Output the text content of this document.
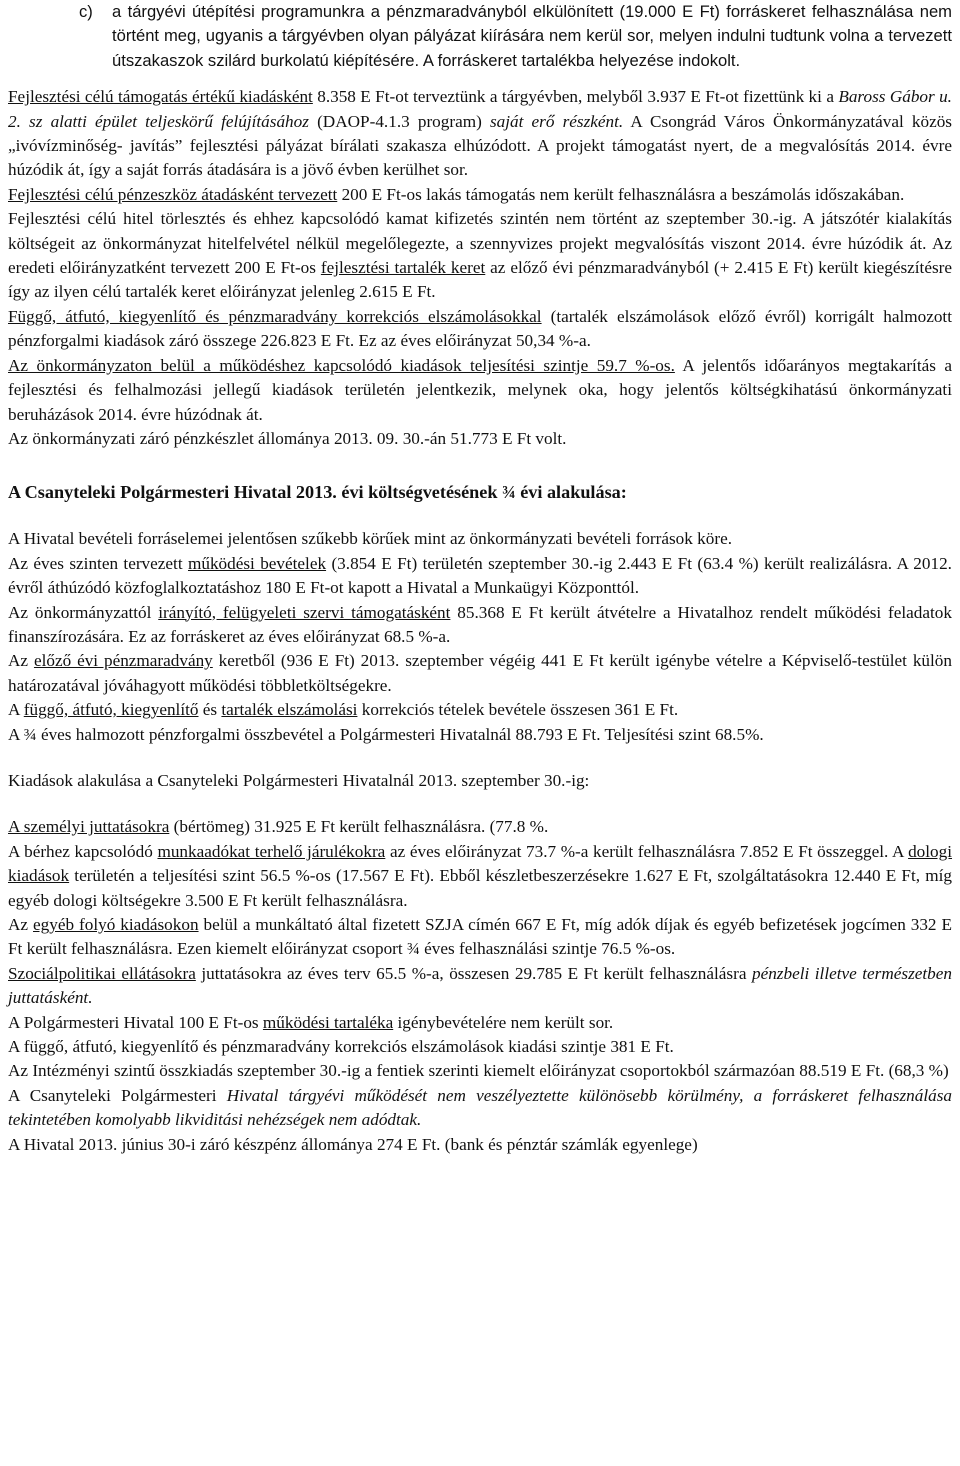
c) a tárgyévi útépítési programunkra a pénzmaradványból elkülönített (19.000 E Ft) forráskeret felhasználása nem történt meg, ugyanis a tárgyévben olyan pályázat kiírására nem kerül sor, melyen indulni tudtunk volna a tervezett útszakaszok szilárd burkolatú kiépítésére. A forráskeret tartalékba helyezése indokolt.

Fejlesztési célú támogatás értékű kiadásként 8.358 E Ft-ot terveztünk a tárgyévben, melyből 3.937 E Ft-ot fizettünk ki a Baross Gábor u. 2. sz alatti épület teljeskörű felújításához (DAOP-4.1.3 program) saját erő részként. A Csongrád Város Önkormányzatával közös „ivóvízminőség- javítás” fejlesztési pályázat bírálati szakasza elhúzódott. A projekt támogatást nyert, de a megvalósítás 2014. évre húzódik át, így a saját forrás átadására is a jövő évben kerülhet sor.

Fejlesztési célú pénzeszköz átadásként tervezett 200 E Ft-os lakás támogatás nem került felhasználásra a beszámolás időszakában.

Fejlesztési célú hitel törlesztés és ehhez kapcsolódó kamat kifizetés szintén nem történt az szeptember 30.-ig. A játszótér kialakítás költségeit az önkormányzat hitelfelvétel nélkül megelőlegezte, a szennyvizes projekt megvalósítás viszont 2014. évre húzódik át. Az eredeti előirányzatként tervezett 200 E Ft-os fejlesztési tartalék keret az előző évi pénzmaradványból (+ 2.415 E Ft) került kiegészítésre így az ilyen célú tartalék keret előirányzat jelenleg 2.615 E Ft.

Függő, átfutó, kiegyenlítő és pénzmaradvány korrekciós elszámolásokkal (tartalék elszámolások előző évről) korrigált halmozott pénzforgalmi kiadások záró összege 226.823 E Ft. Ez az éves előirányzat 50,34 %-a.

Az önkormányzaton belül a működéshez kapcsolódó kiadások teljesítési szintje 59.7 %-os. A jelentős időarányos megtakarítás a fejlesztési és felhalmozási jellegű kiadások területén jelentkezik, melynek oka, hogy jelentős költségkihatású önkormányzati beruházások 2014. évre húzódnak át.

Az önkormányzati záró pénzkészlet állománya 2013. 09. 30.-án 51.773 E Ft volt.

A Csanyteleki Polgármesteri Hivatal 2013. évi költségvetésének ¾ évi alakulása:

A Hivatal bevételi forráselemei jelentősen szűkebb körűek mint az önkormányzati bevételi források köre.

Az éves szinten tervezett működési bevételek (3.854 E Ft) területén szeptember 30.-ig 2.443 E Ft (63.4 %) került realizálásra. A 2012. évről áthúzódó közfoglalkoztatáshoz 180 E Ft-ot kapott a Hivatal a Munkaügyi Központtól.

Az önkormányzattól irányító, felügyeleti szervi támogatásként 85.368 E Ft került átvételre a Hivatalhoz rendelt működési feladatok finanszírozására. Ez az forráskeret az éves előirányzat 68.5 %-a.

Az előző évi pénzmaradvány keretből (936 E Ft) 2013. szeptember végéig 441 E Ft került igénybe vételre a Képviselő-testület külön határozatával jóváhagyott működési többletköltségekre.

A függő, átfutó, kiegyenlítő és tartalék elszámolási korrekciós tételek bevétele összesen 361 E Ft.

A ¾ éves halmozott pénzforgalmi összbevétel a Polgármesteri Hivatalnál 88.793 E Ft. Teljesítési szint 68.5%.

Kiadások alakulása a Csanyteleki Polgármesteri Hivatalnál 2013. szeptember 30.-ig:

A személyi juttatásokra (bértömeg) 31.925 E Ft került felhasználásra. (77.8 %.

A bérhez kapcsolódó munkaadókat terhelő járulékokra az éves előirányzat 73.7 %-a került felhasználásra 7.852 E Ft összeggel. A dologi kiadások területén a teljesítési szint 56.5 %-os (17.567 E Ft). Ebből készletbeszerzésekre 1.627 E Ft, szolgáltatásokra 12.440 E Ft, míg egyéb dologi költségekre 3.500 E Ft került felhasználásra.

Az egyéb folyó kiadásokon belül a munkáltató által fizetett SZJA címén 667 E Ft, míg adók díjak és egyéb befizetések jogcímen 332 E Ft került felhasználásra. Ezen kiemelt előirányzat csoport ¾ éves felhasználási szintje 76.5 %-os.

Szociálpolitikai ellátásokra juttatásokra az éves terv 65.5 %-a, összesen 29.785 E Ft került felhasználásra pénzbeli illetve természetben juttatásként.

A Polgármesteri Hivatal 100 E Ft-os működési tartaléka igénybevételére nem került sor.

A függő, átfutó, kiegyenlítő és pénzmaradvány korrekciós elszámolások kiadási szintje 381 E Ft.

Az Intézményi szintű összkiadás szeptember 30.-ig a fentiek szerinti kiemelt előirányzat csoportokból származóan 88.519 E Ft. (68,3 %)

A Csanyteleki Polgármesteri Hivatal tárgyévi működését nem veszélyeztette különösebb körülmény, a forráskeret felhasználása tekintetében komolyabb likviditási nehézségek nem adódtak.

A Hivatal 2013. június 30-i záró készpénz állománya 274 E Ft. (bank és pénztár számlák egyenlege)
